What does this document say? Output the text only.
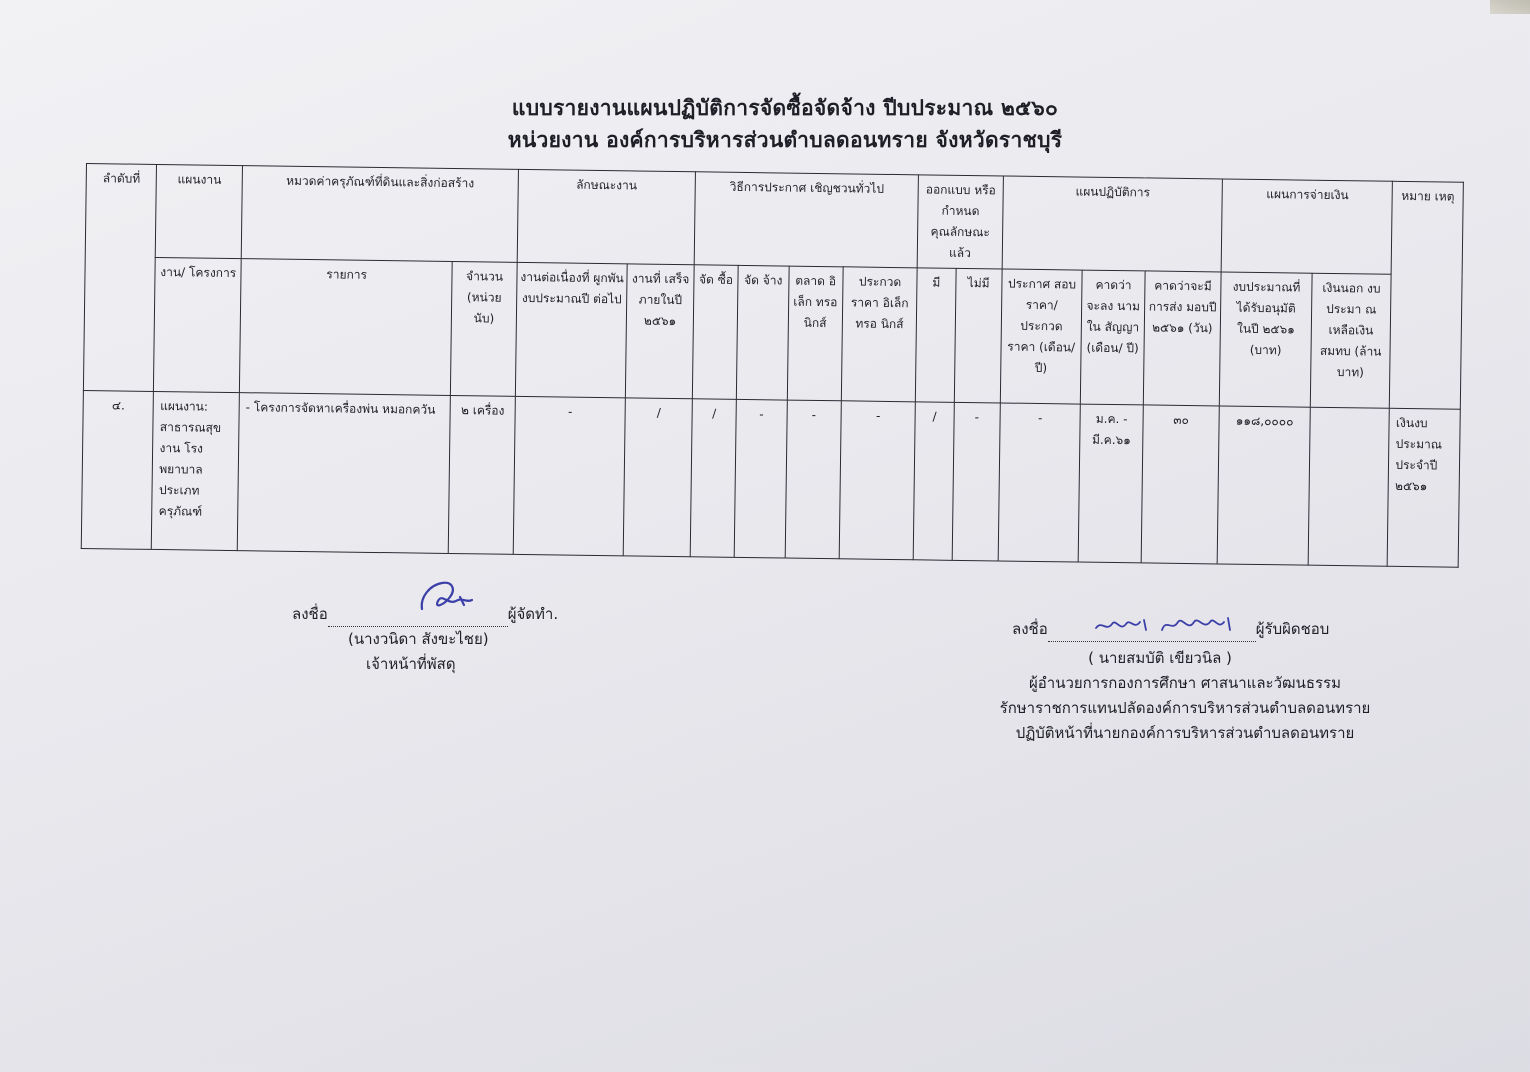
แบบรายงานแผนปฏิบัติการจัดซื้อจัดจ้าง ปีบประมาณ ๒๕๖๐
หน่วยงาน องค์การบริหารส่วนตำบลดอนทราย จังหวัดราชบุรี
ลำดับที่	แผนงาน	หมวดค่าครุภัณฑ์ที่ดินและสิ่งก่อสร้าง		ลักษณะงาน		วิธีการประกาศ เชิญชวนทั่วไป				ออกแบบ หรือกำหนด คุณลักษณะ แล้ว		แผนปฏิบัติการ			แผนการจ่ายเงิน		หมาย เหตุ
	งาน/ โครงการ	รายการ	จำนวน (หน่วย นับ)	งานต่อเนื่องที่ ผูกพัน งบประมาณปี ต่อไป	งานที่ เสร็จ ภายในปี ๒๕๖๑	จัด ซื้อ	จัด จ้าง	ตลาด อิเล็ก ทรอ นิกส์	ประกวด ราคา อิเล็กทรอ นิกส์	มี	ไม่มี	ประกาศ สอบราคา/ ประกวด ราคา (เดือน/ปี)	คาดว่า จะลง นามใน สัญญา (เดือน/ ปี)	คาดว่าจะมี การส่ง มอบปี ๒๕๖๑ (วัน)	งบประมาณที่ ได้รับอนุมัติ ในปี ๒๕๖๑ (บาท)	เงินนอก งบประมา ณเหลือเงิน สมทบ (ล้านบาท)	
๔.	แผนงาน: สาธารณสุข งาน โรงพยาบาล ประเภท ครุภัณฑ์	- โครงการจัดหาเครื่องพ่น หมอกควัน	๒ เครื่อง	-	/	/	-	-	-	/	-	-	ม.ค. - มี.ค.๖๑	๓๐	๑๑๘,๐๐๐๐		เงินงบ ประมาณ ประจำปี ๒๕๖๑
ลงชื่อ	ผู้จัดทำ.
(นางวนิดา สังขะไชย)
เจ้าหน้าที่พัสดุ
ลงชื่อ	ผู้รับผิดชอบ
( นายสมบัติ เขียวนิล )
ผู้อำนวยการกองการศึกษา ศาสนาและวัฒนธรรม
รักษาราชการแทนปลัดองค์การบริหารส่วนตำบลดอนทราย
ปฏิบัติหน้าที่นายกองค์การบริหารส่วนตำบลดอนทราย
